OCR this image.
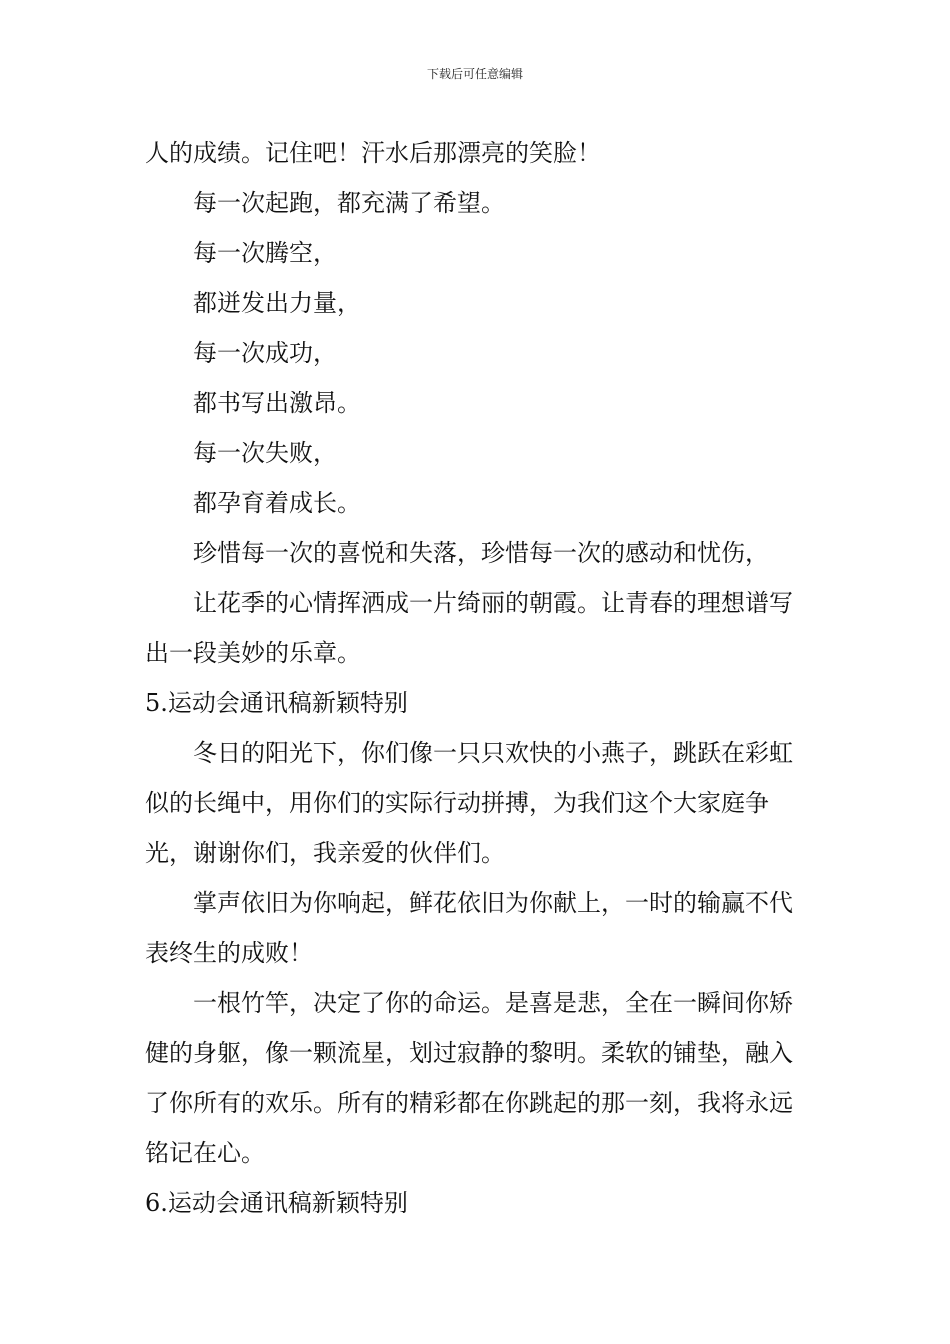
下载后可任意编辑

人的成绩。记住吧！汗水后那漂亮的笑脸！

每一次起跑，都充满了希望。

每一次腾空，

都迸发出力量，

每一次成功，

都书写出激昂。

每一次失败，

都孕育着成长。

珍惜每一次的喜悦和失落，珍惜每一次的感动和忧伤，

让花季的心情挥洒成一片绮丽的朝霞。让青春的理想谱写出一段美妙的乐章。

5.运动会通讯稿新颖特别

冬日的阳光下，你们像一只只欢快的小燕子，跳跃在彩虹似的长绳中，用你们的实际行动拼搏，为我们这个大家庭争光，谢谢你们，我亲爱的伙伴们。

掌声依旧为你响起，鲜花依旧为你献上，一时的输赢不代表终生的成败！

一根竹竿，决定了你的命运。是喜是悲，全在一瞬间你矫健的身躯，像一颗流星，划过寂静的黎明。柔软的铺垫，融入了你所有的欢乐。所有的精彩都在你跳起的那一刻，我将永远铭记在心。

6.运动会通讯稿新颖特别
